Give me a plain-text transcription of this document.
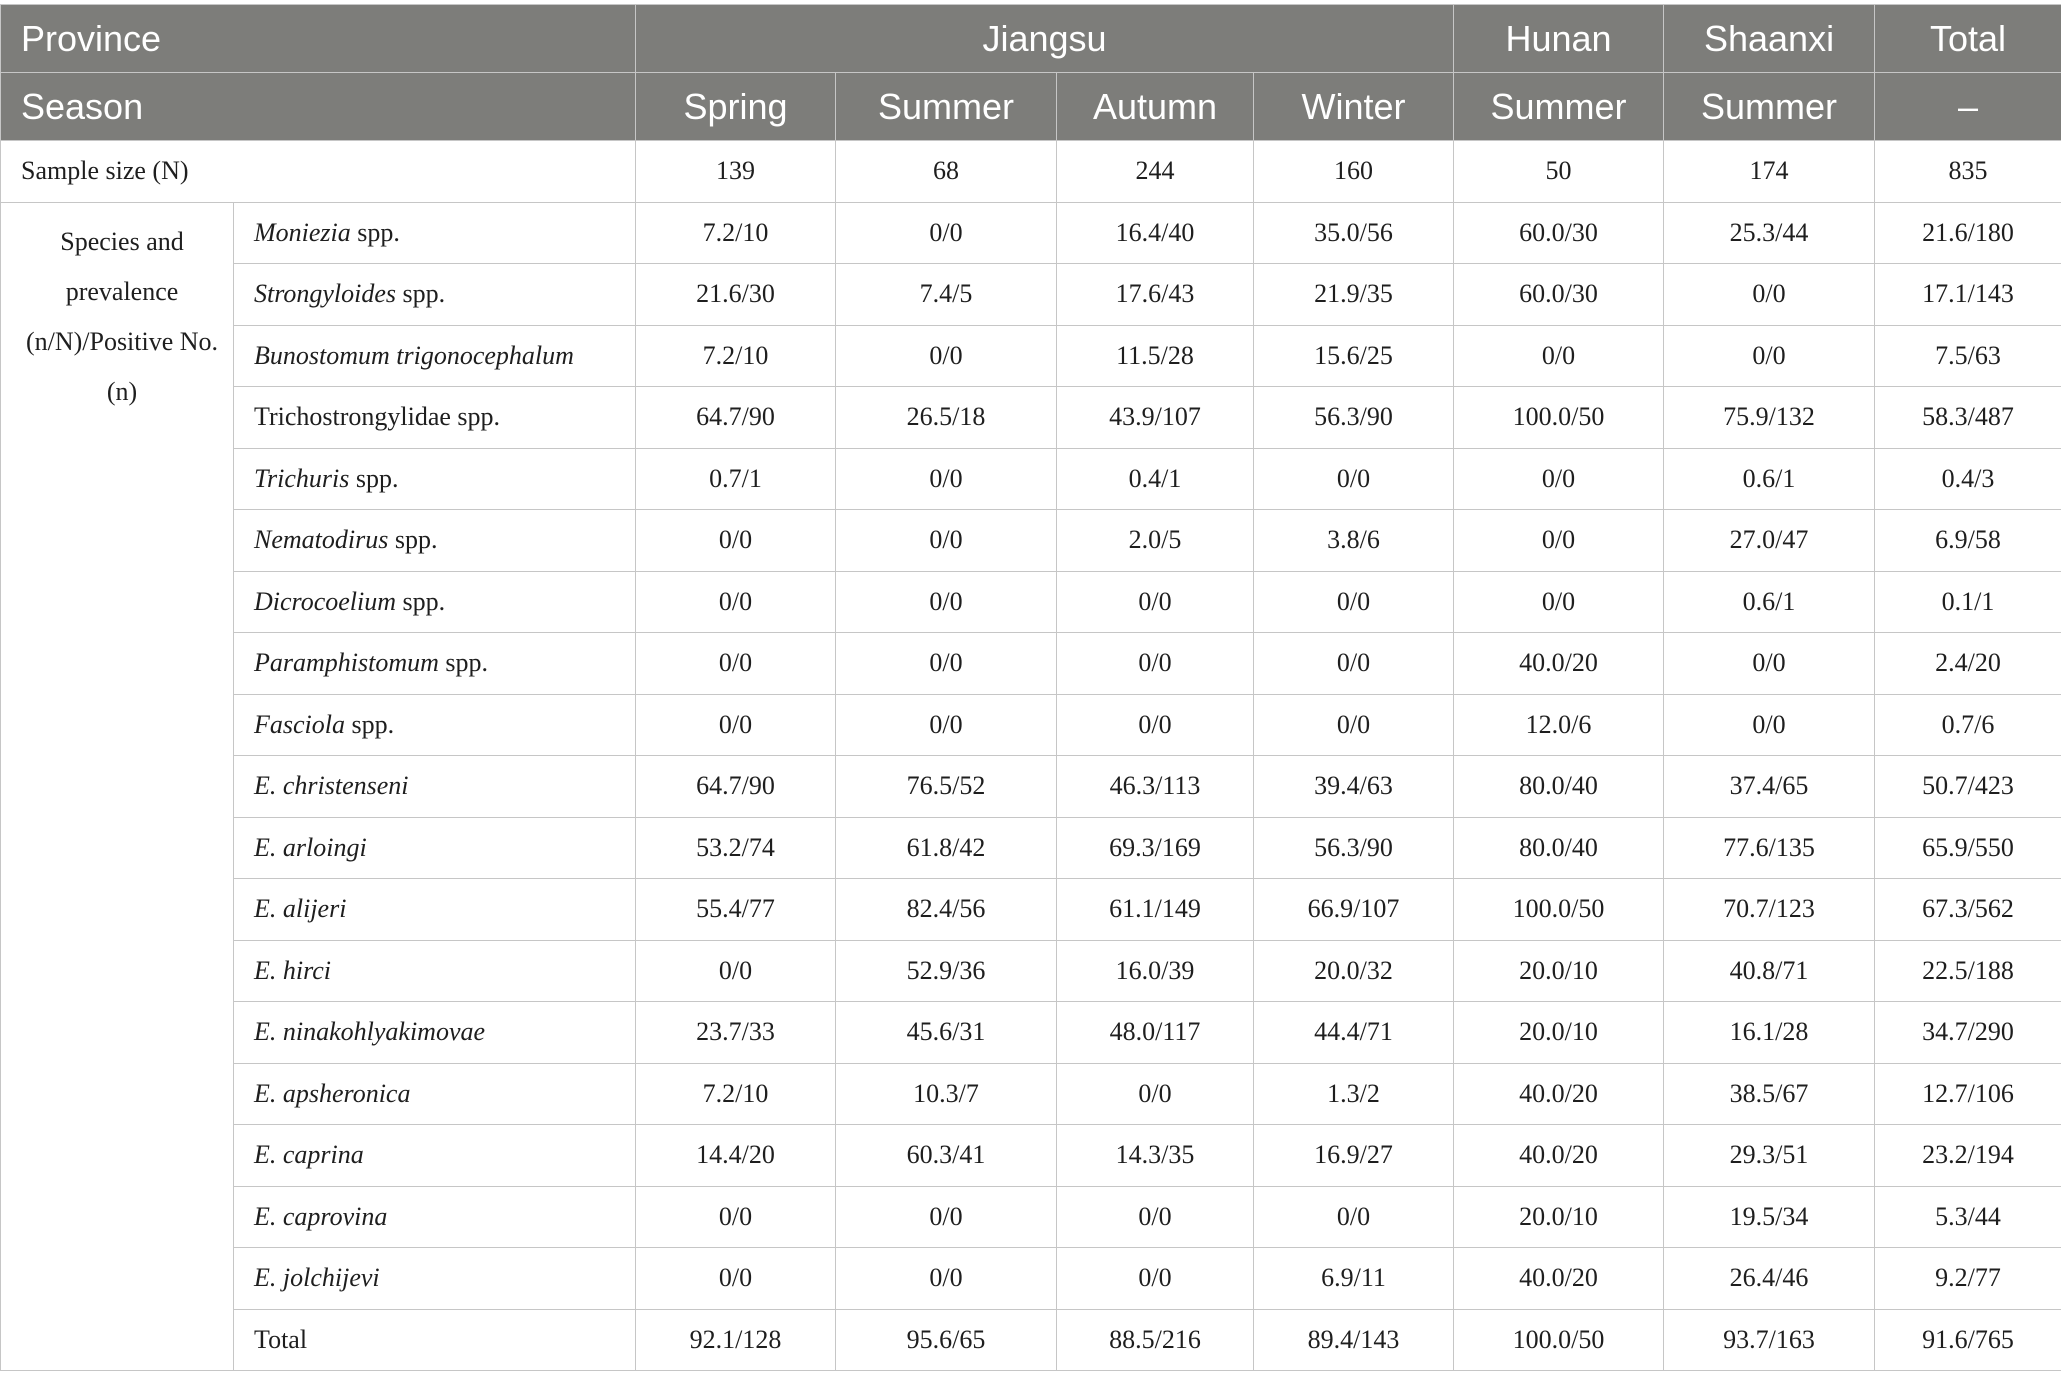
Province		Jiangsu				Hunan	Shaanxi	Total
Season		Spring	Summer	Autumn	Winter	Summer	Summer	–
Sample size (N)		139	68	244	160	50	174	835
Species and prevalence (n/N)/Positive No. (n)	Moniezia spp.	7.2/10	0/0	16.4/40	35.0/56	60.0/30	25.3/44	21.6/180
	Strongyloides spp.	21.6/30	7.4/5	17.6/43	21.9/35	60.0/30	0/0	17.1/143
	Bunostomum trigonocephalum	7.2/10	0/0	11.5/28	15.6/25	0/0	0/0	7.5/63
	Trichostrongylidae spp.	64.7/90	26.5/18	43.9/107	56.3/90	100.0/50	75.9/132	58.3/487
	Trichuris spp.	0.7/1	0/0	0.4/1	0/0	0/0	0.6/1	0.4/3
	Nematodirus spp.	0/0	0/0	2.0/5	3.8/6	0/0	27.0/47	6.9/58
	Dicrocoelium spp.	0/0	0/0	0/0	0/0	0/0	0.6/1	0.1/1
	Paramphistomum spp.	0/0	0/0	0/0	0/0	40.0/20	0/0	2.4/20
	Fasciola spp.	0/0	0/0	0/0	0/0	12.0/6	0/0	0.7/6
	E. christenseni	64.7/90	76.5/52	46.3/113	39.4/63	80.0/40	37.4/65	50.7/423
	E. arloingi	53.2/74	61.8/42	69.3/169	56.3/90	80.0/40	77.6/135	65.9/550
	E. alijeri	55.4/77	82.4/56	61.1/149	66.9/107	100.0/50	70.7/123	67.3/562
	E. hirci	0/0	52.9/36	16.0/39	20.0/32	20.0/10	40.8/71	22.5/188
	E. ninakohlyakimovae	23.7/33	45.6/31	48.0/117	44.4/71	20.0/10	16.1/28	34.7/290
	E. apsheronica	7.2/10	10.3/7	0/0	1.3/2	40.0/20	38.5/67	12.7/106
	E. caprina	14.4/20	60.3/41	14.3/35	16.9/27	40.0/20	29.3/51	23.2/194
	E. caprovina	0/0	0/0	0/0	0/0	20.0/10	19.5/34	5.3/44
	E. jolchijevi	0/0	0/0	0/0	6.9/11	40.0/20	26.4/46	9.2/77
	Total	92.1/128	95.6/65	88.5/216	89.4/143	100.0/50	93.7/163	91.6/765
